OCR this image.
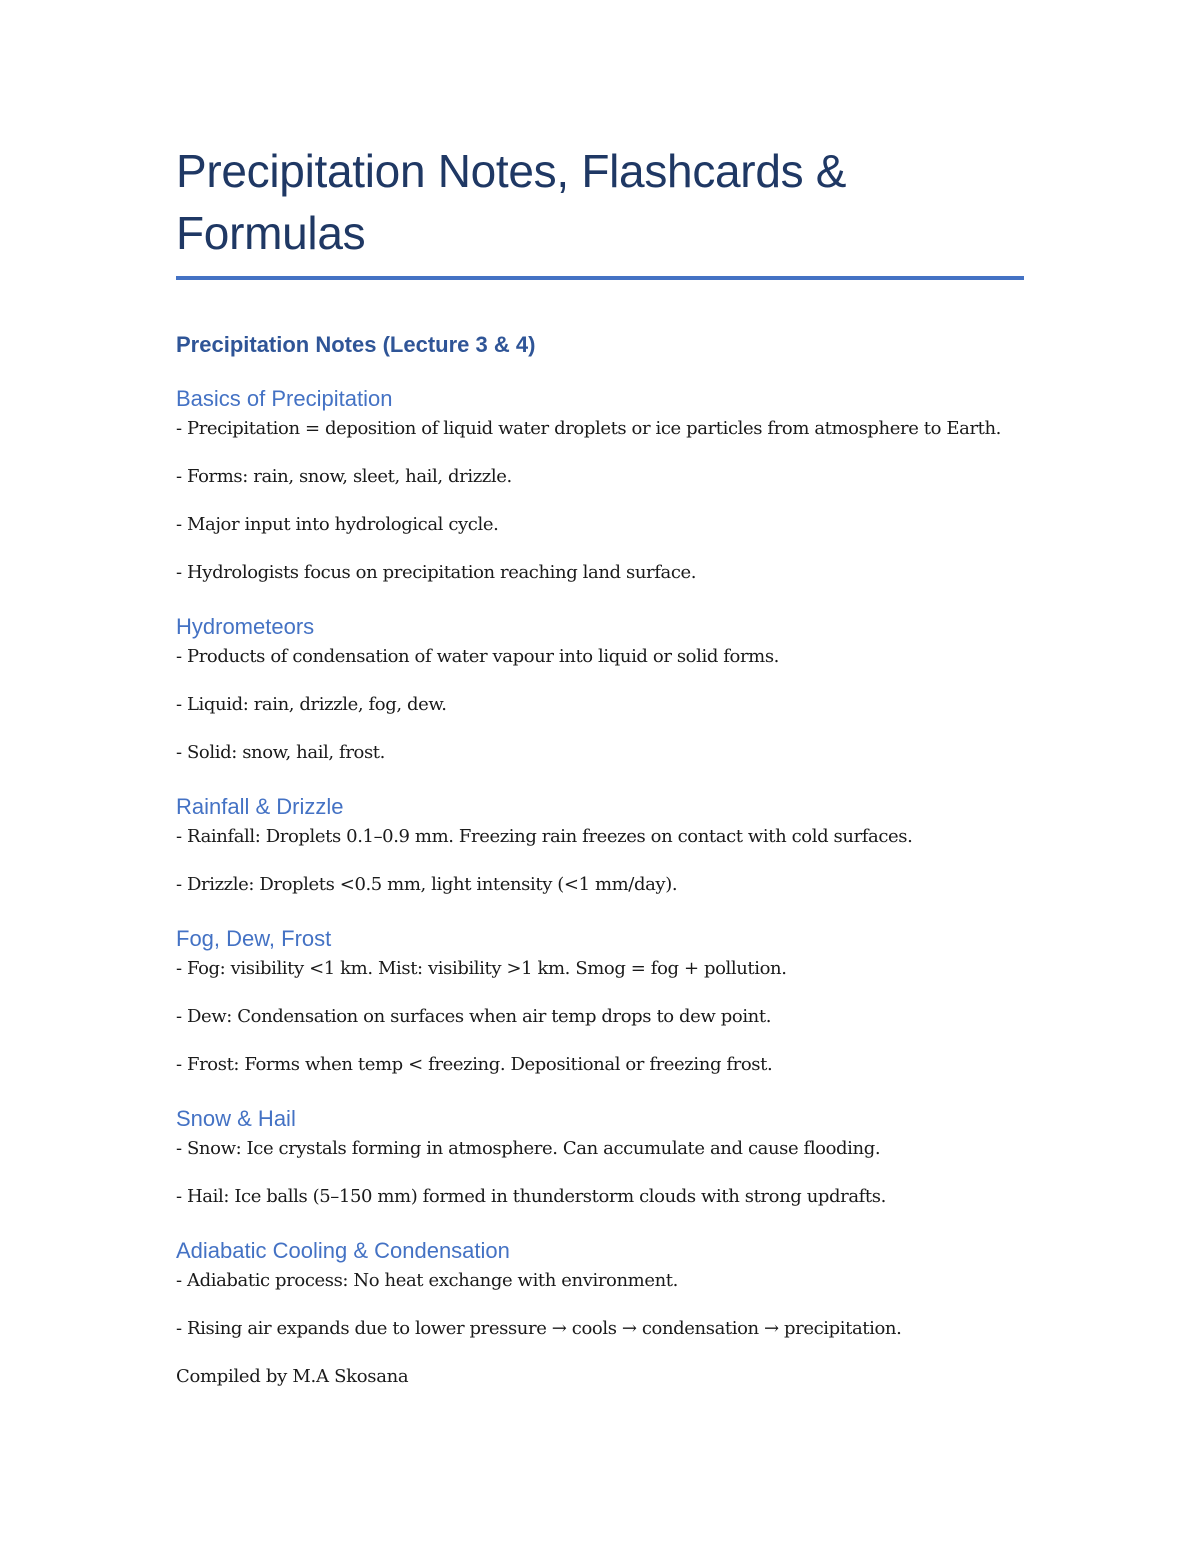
Precipitation Notes, Flashcards & Formulas
Precipitation Notes (Lecture 3 & 4)
Basics of Precipitation
- Precipitation = deposition of liquid water droplets or ice particles from atmosphere to Earth.
- Forms: rain, snow, sleet, hail, drizzle.
- Major input into hydrological cycle.
- Hydrologists focus on precipitation reaching land surface.
Hydrometeors
- Products of condensation of water vapour into liquid or solid forms.
- Liquid: rain, drizzle, fog, dew.
- Solid: snow, hail, frost.
Rainfall & Drizzle
- Rainfall: Droplets 0.1–0.9 mm. Freezing rain freezes on contact with cold surfaces.
- Drizzle: Droplets <0.5 mm, light intensity (<1 mm/day).
Fog, Dew, Frost
- Fog: visibility <1 km. Mist: visibility >1 km. Smog = fog + pollution.
- Dew: Condensation on surfaces when air temp drops to dew point.
- Frost: Forms when temp < freezing. Depositional or freezing frost.
Snow & Hail
- Snow: Ice crystals forming in atmosphere. Can accumulate and cause flooding.
- Hail: Ice balls (5–150 mm) formed in thunderstorm clouds with strong updrafts.
Adiabatic Cooling & Condensation
- Adiabatic process: No heat exchange with environment.
- Rising air expands due to lower pressure → cools → condensation → precipitation.
Compiled by M.A Skosana
